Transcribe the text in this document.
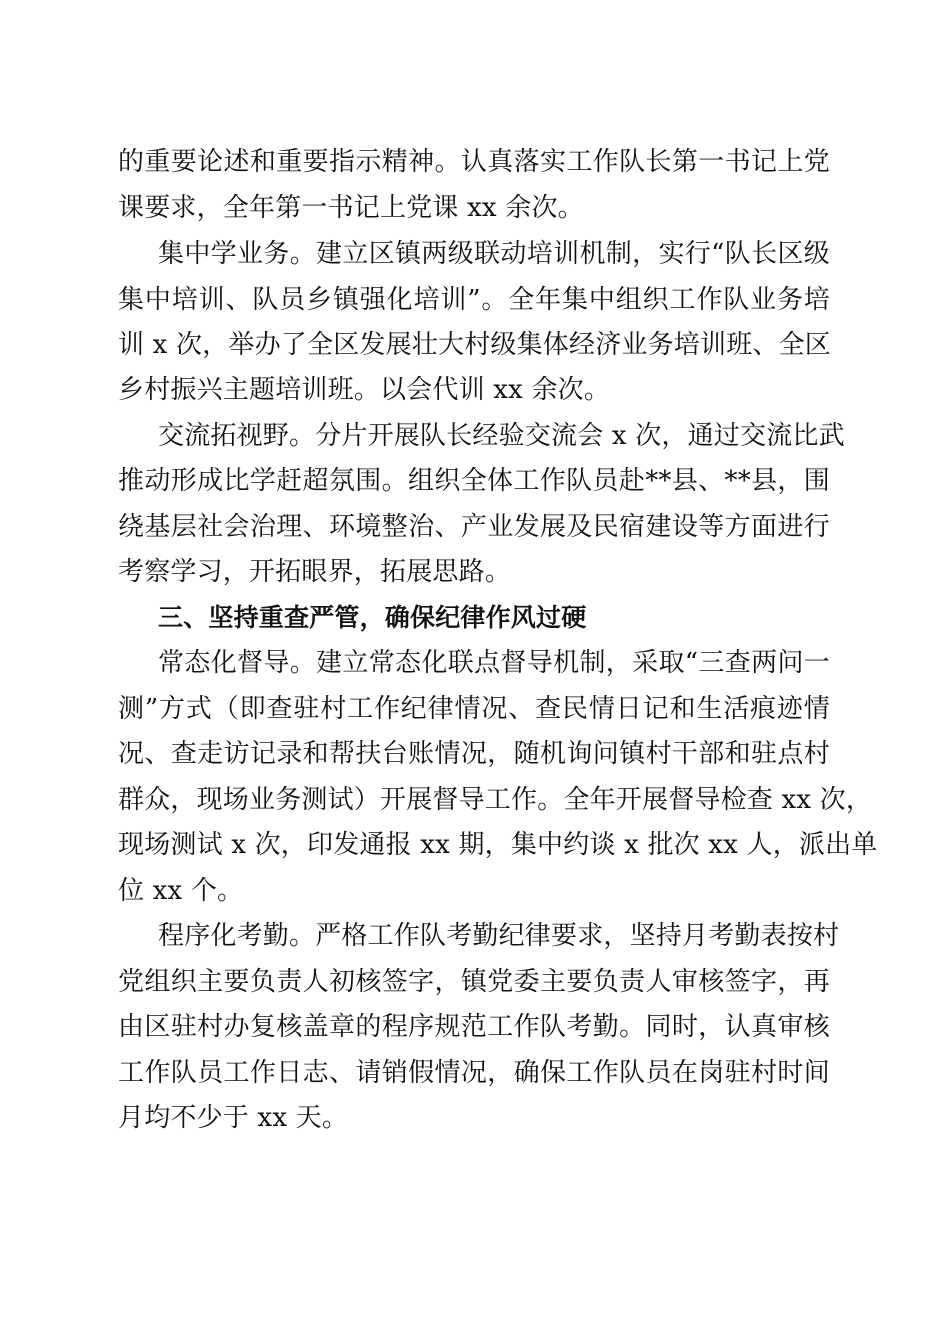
的重要论述和重要指示精神。认真落实工作队长第一书记上党

课要求，全年第一书记上党课 xx 余次。

集中学业务。建立区镇两级联动培训机制，实行“队长区级

集中培训、队员乡镇强化培训”。全年集中组织工作队业务培

训 x 次，举办了全区发展壮大村级集体经济业务培训班、全区

乡村振兴主题培训班。以会代训 xx 余次。

交流拓视野。分片开展队长经验交流会 x 次，通过交流比武

推动形成比学赶超氛围。组织全体工作队员赴**县、**县，围

绕基层社会治理、环境整治、产业发展及民宿建设等方面进行

考察学习，开拓眼界，拓展思路。

三、坚持重查严管，确保纪律作风过硬

常态化督导。建立常态化联点督导机制，采取“三查两问一

测”方式（即查驻村工作纪律情况、查民情日记和生活痕迹情

况、查走访记录和帮扶台账情况，随机询问镇村干部和驻点村

群众，现场业务测试）开展督导工作。全年开展督导检查 xx 次，

现场测试 x 次，印发通报 xx 期，集中约谈 x 批次 xx 人，派出单

位 xx 个。

程序化考勤。严格工作队考勤纪律要求，坚持月考勤表按村

党组织主要负责人初核签字，镇党委主要负责人审核签字，再

由区驻村办复核盖章的程序规范工作队考勤。同时，认真审核

工作队员工作日志、请销假情况，确保工作队员在岗驻村时间

月均不少于 xx 天。
